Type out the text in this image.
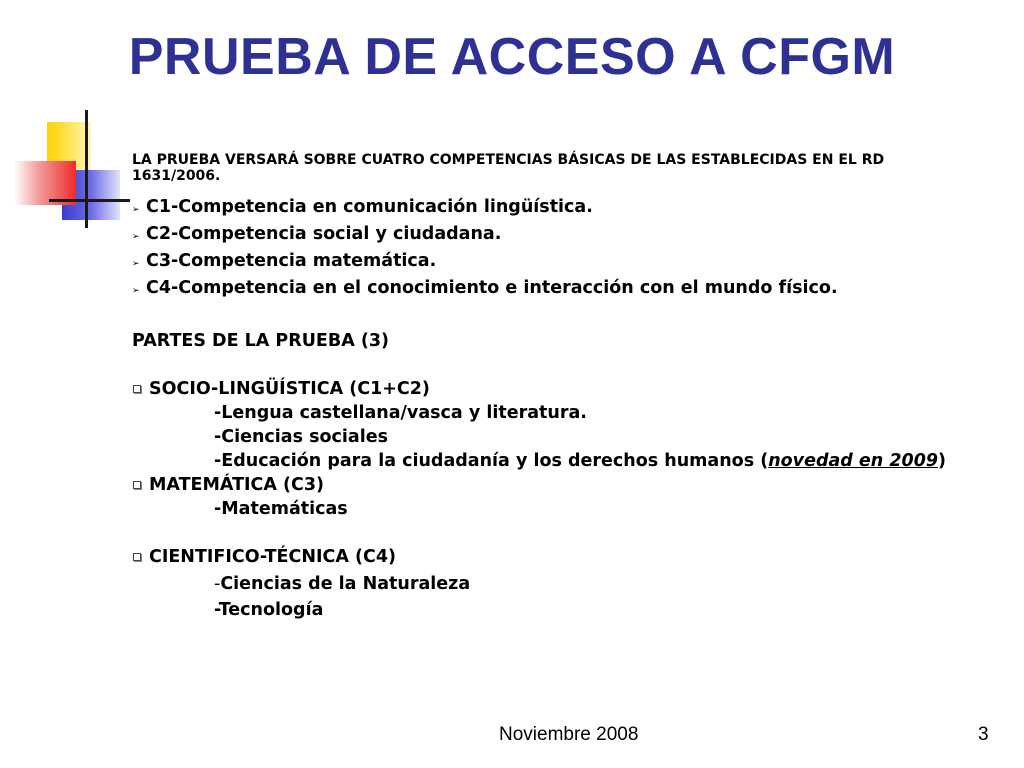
PRUEBA DE ACCESO A CFGM

LA PRUEBA VERSARÁ SOBRE CUATRO COMPETENCIAS BÁSICAS DE LAS ESTABLECIDAS EN EL RD 1631/2006.

➢ C1-Competencia en comunicación lingüística.
➢ C2-Competencia social y ciudadana.
➢ C3-Competencia matemática.
➢ C4-Competencia en el conocimiento e interacción con el mundo físico.

PARTES DE LA PRUEBA (3)

SOCIO-LINGÜÍSTICA (C1+C2)
-Lengua castellana/vasca y literatura.
-Ciencias sociales
-Educación para la ciudadanía y los derechos humanos (novedad en 2009)
MATEMÁTICA (C3)
-Matemáticas
CIENTIFICO-TÉCNICA (C4)
-Ciencias de la Naturaleza
-Tecnología
Noviembre 2008	3
